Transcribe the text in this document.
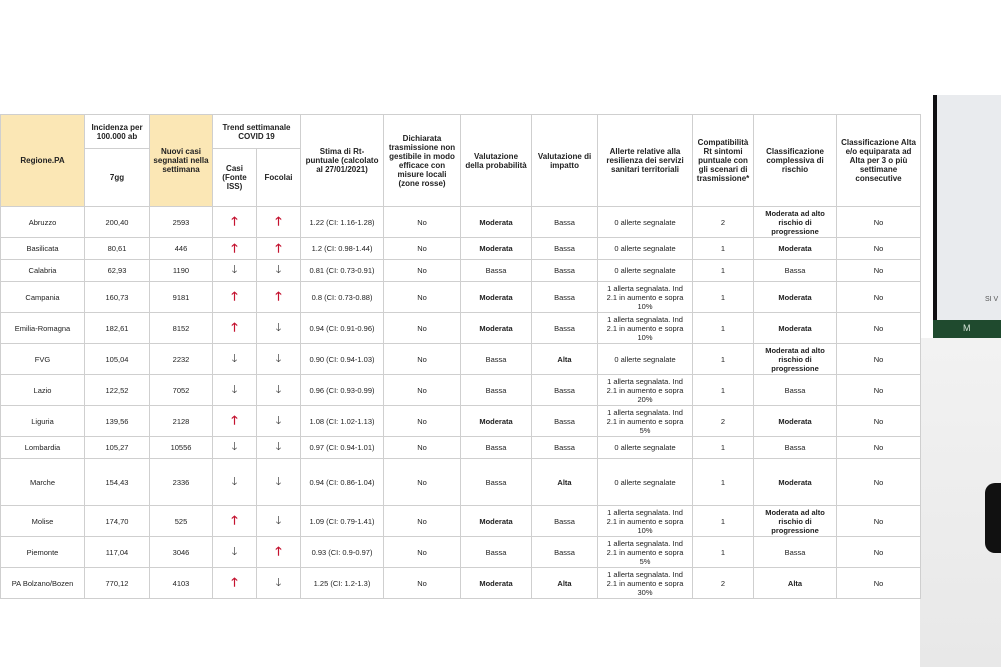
M
SI V
Regione.PA	Incidenza per 100.000 ab	Nuovi casi segnalati nella settimana	Trend settimanale COVID 19		Stima di Rt-puntuale (calcolato al 27/01/2021)	Dichiarata trasmissione non gestibile in modo efficace con misure locali (zone rosse)	Valutazione della probabilità	Valutazione di impatto	Allerte relative alla resilienza dei servizi sanitari territoriali	Compatibilità Rt sintomi puntuale con gli scenari di trasmissione*	Classificazione complessiva di rischio	Classificazione Alta e/o equiparata ad Alta per 3 o più settimane consecutive
	7gg		Casi (Fonte ISS)	Focolai								
Abruzzo	200,40	2593	🡑	🡑	1.22 (CI: 1.16-1.28)	No	Moderata	Bassa	0 allerte segnalate	2	Moderata ad alto rischio di progressione	No
Basilicata	80,61	446	🡑	🡑	1.2 (CI: 0.98-1.44)	No	Moderata	Bassa	0 allerte segnalate	1	Moderata	No
Calabria	62,93	1190	🡓	🡓	0.81 (CI: 0.73-0.91)	No	Bassa	Bassa	0 allerte segnalate	1	Bassa	No
Campania	160,73	9181	🡑	🡑	0.8 (CI: 0.73-0.88)	No	Moderata	Bassa	1 allerta segnalata. Ind 2.1 in aumento e sopra 10%	1	Moderata	No
Emilia-Romagna	182,61	8152	🡑	🡓	0.94 (CI: 0.91-0.96)	No	Moderata	Bassa	1 allerta segnalata. Ind 2.1 in aumento e sopra 10%	1	Moderata	No
FVG	105,04	2232	🡓	🡓	0.90 (CI: 0.94-1.03)	No	Bassa	Alta	0 allerte segnalate	1	Moderata ad alto rischio di progressione	No
Lazio	122,52	7052	🡓	🡓	0.96 (CI: 0.93-0.99)	No	Bassa	Bassa	1 allerta segnalata. Ind 2.1 in aumento e sopra 20%	1	Bassa	No
Liguria	139,56	2128	🡑	🡓	1.08 (CI: 1.02-1.13)	No	Moderata	Bassa	1 allerta segnalata. Ind 2.1 in aumento e sopra 5%	2	Moderata	No
Lombardia	105,27	10556	🡓	🡓	0.97 (CI: 0.94-1.01)	No	Bassa	Bassa	0 allerte segnalate	1	Bassa	No
Marche	154,43	2336	🡓	🡓	0.94 (CI: 0.86-1.04)	No	Bassa	Alta	0 allerte segnalate	1	Moderata	No
Molise	174,70	525	🡑	🡓	1.09 (CI: 0.79-1.41)	No	Moderata	Bassa	1 allerta segnalata. Ind 2.1 in aumento e sopra 10%	1	Moderata ad alto rischio di progressione	No
Piemonte	117,04	3046	🡓	🡑	0.93 (CI: 0.9-0.97)	No	Bassa	Bassa	1 allerta segnalata. Ind 2.1 in aumento e sopra 5%	1	Bassa	No
PA Bolzano/Bozen	770,12	4103	🡑	🡓	1.25 (CI: 1.2-1.3)	No	Moderata	Alta	1 allerta segnalata. Ind 2.1 in aumento e sopra 30%	2	Alta	No
